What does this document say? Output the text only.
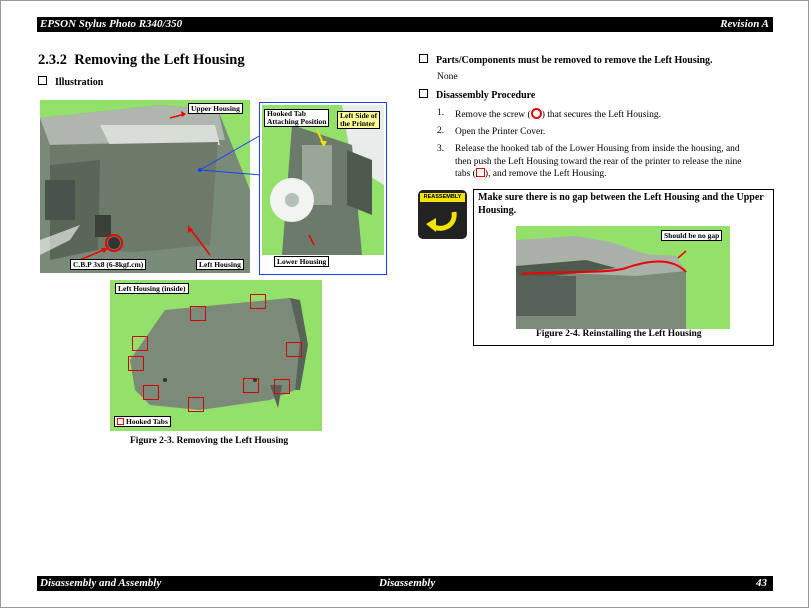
EPSON Stylus Photo R340/350	Revision A
2.3.2 Removing the Left Housing
Illustration
Upper Housing
Left Housing
C.B.P 3x8 (6-8kgf.cm)
Hooked Tab
Attaching Position
Left Side of
the Printer
Lower Housing
Left Housing (inside)
Hooked Tabs
Figure 2-3. Removing the Left Housing
Parts/Components must be removed to remove the Left Housing.
None
Disassembly Procedure
1. Remove the screw ( ) that secures the Left Housing.
2. Open the Printer Cover.
3. Release the hooked tab of the Lower Housing from inside the housing, and
then push the Left Housing toward the rear of the printer to release the nine
tabs ( ), and remove the Left Housing.
REASSEMBLY	Make sure there is no gap between the Left Housing and the Upper Housing.
Should be no gap
Figure 2-4. Reinstalling the Left Housing
Disassembly and Assembly	Disassembly	43
